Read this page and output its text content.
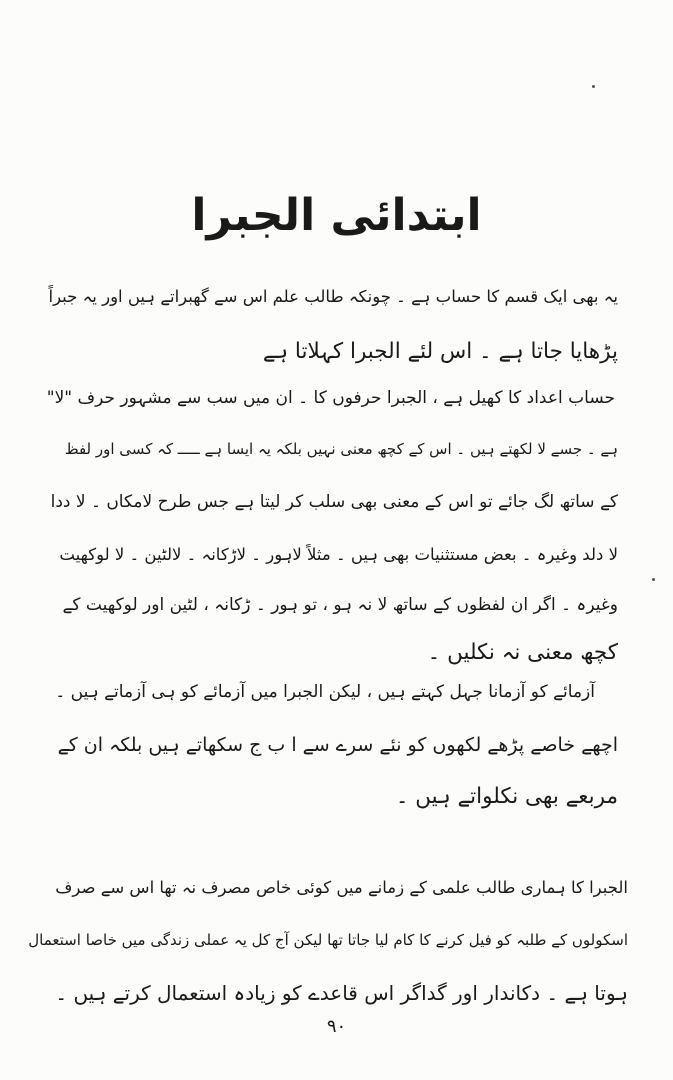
ابتدائی الجبرا
یہ بھی ایک قسم کا حساب ہے ۔ چونکہ طالب علم اس سے گھبراتے ہیں اور یہ جبراً
پڑھایا جاتا ہے ۔ اس لئے الجبرا کہلاتا ہے
حساب اعداد کا کھیل ہے ، الجبرا حرفوں کا ۔ ان میں سب سے مشہور حرف "لا"
ہے ۔ جسے لا لکھتے ہیں ۔ اس کے کچھ معنی نہیں بلکہ یہ ایسا ہے ـــــ کہ کسی اور لفظ
کے ساتھ لگ جائے تو اس کے معنی بھی سلب کر لیتا ہے جس طرح لامکاں ۔ لا ددا
لا دلد وغیرہ ۔ بعض مستثنیات بھی ہیں ۔ مثلاً لاہور ۔ لاڑکانہ ۔ لالٹین ۔ لا لوکھیت
وغیرہ ۔ اگر ان لفظوں کے ساتھ لا نہ ہو ، تو ہور ۔ ڑکانہ ، لٹین اور لوکھیت کے
کچھ معنی نہ نکلیں ۔
آزمائے کو آزمانا جہل کہتے ہیں ، لیکن الجبرا میں آزمائے کو ہی آزماتے ہیں ۔
اچھے خاصے پڑھے لکھوں کو نئے سرے سے ا ب ج سکھاتے ہیں بلکہ ان کے
مربعے بھی نکلواتے ہیں ۔
الجبرا کا ہماری طالب علمی کے زمانے میں کوئی خاص مصرف نہ تھا اس سے صرف
اسکولوں کے طلبہ کو فیل کرنے کا کام لیا جاتا تھا لیکن آج کل یہ عملی زندگی میں خاصا استعمال
ہوتا ہے ۔ دکاندار اور گداگر اس قاعدے کو زیادہ استعمال کرتے ہیں ۔
۹۰
